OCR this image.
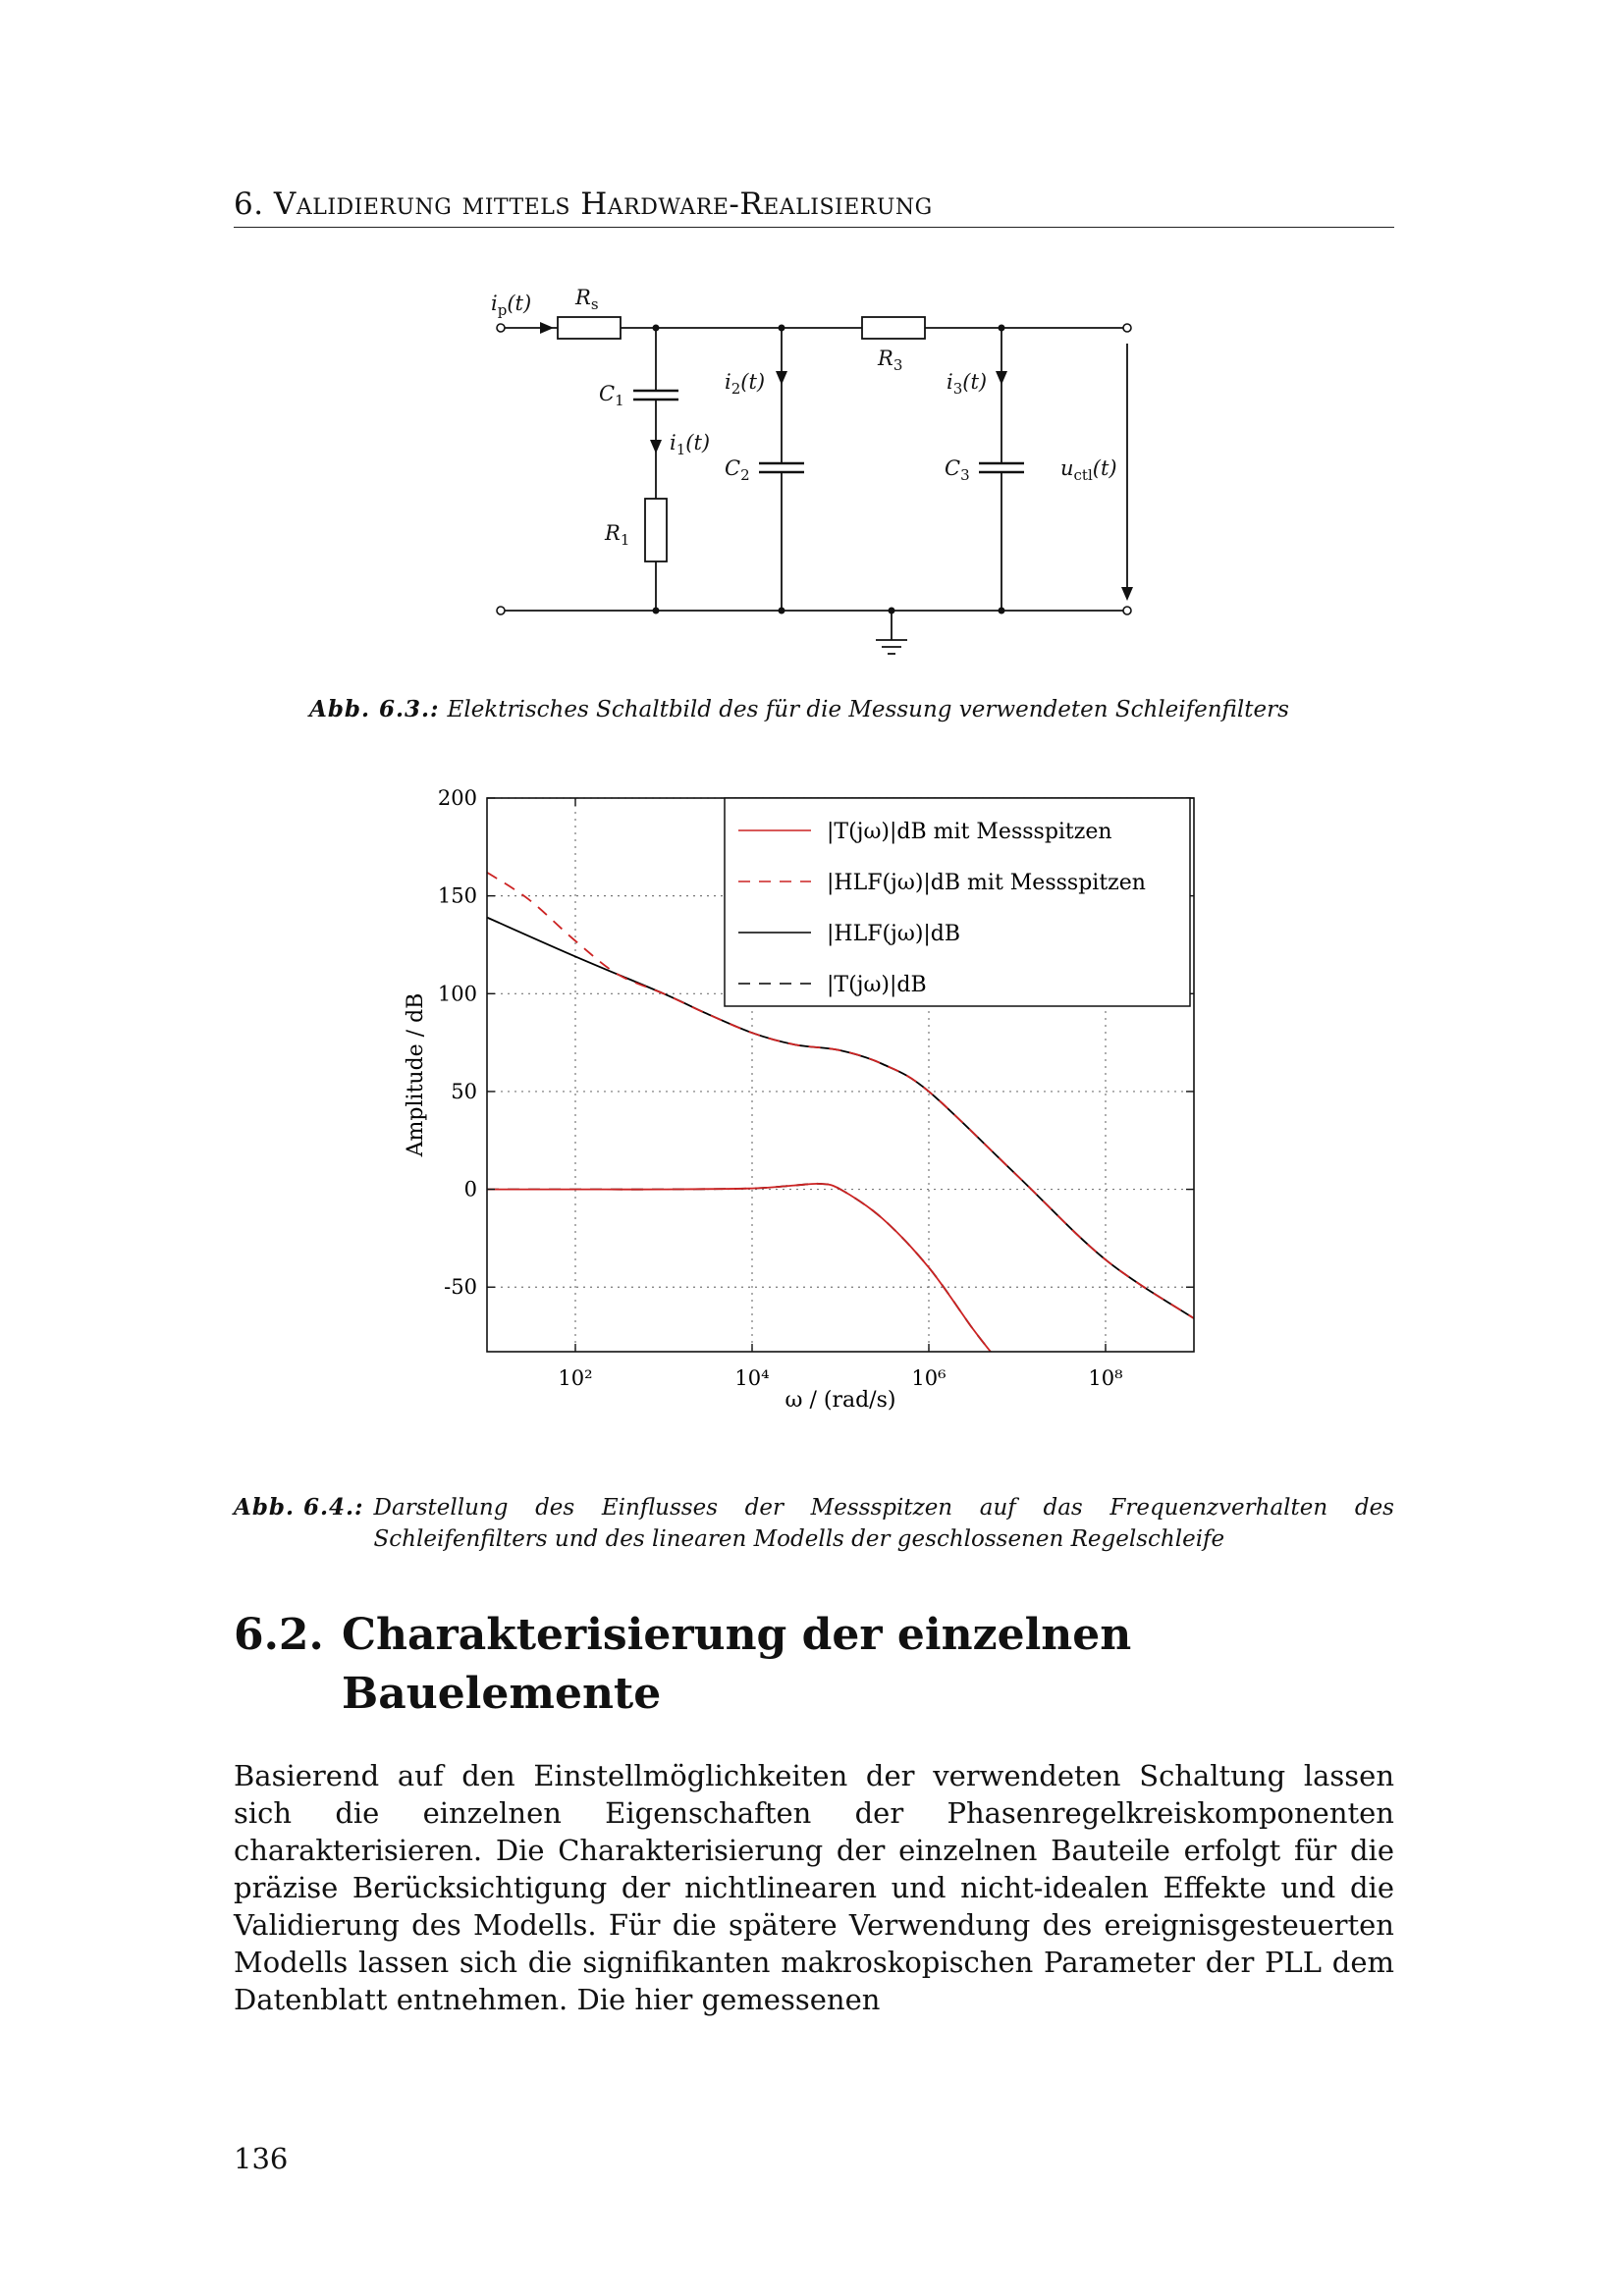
6. Validierung mittels Hardware-Realisierung
$i_p(t)$ $R_s$
$R_3$
$C_1$
$i_2(t)$	$i_3(t)$
$i_1(t)$
$C_2$	$C_3$	$u_{ctl}(t)$
$R_1$
Abb. 6.3.: Elektrisches Schaltbild des für die Messung verwendeten Schleifenfilters
10²	10⁴	10⁶	10⁸
200
150
100
50
0
-50
|T(jω)|dB mit Messspitzen
|HLF(jω)|dB mit Messspitzen
|HLF(jω)|dB
|T(jω)|dB
ω / (rad/s)
Amplitude / dB
Abb. 6.4.: Darstellung des Einflusses der Messspitzen auf das Frequenzverhalten des Schleifenfilters und des linearen Modells der geschlossenen Regelschleife
6.2. Charakterisierung der einzelnen
Bauelemente
Basierend auf den Einstellmöglichkeiten der verwendeten Schaltung lassen sich die einzelnen Eigenschaften der Phasenregelkreiskomponenten charakterisieren. Die Charakterisierung der einzelnen Bauteile erfolgt für die präzise Berücksichtigung der nichtlinearen und nicht-idealen Effekte und die Validierung des Modells. Für die spätere Verwendung des ereignisgesteuerten Modells lassen sich die signifikanten makroskopischen Parameter der PLL dem Datenblatt entnehmen. Die hier gemessenen
136
